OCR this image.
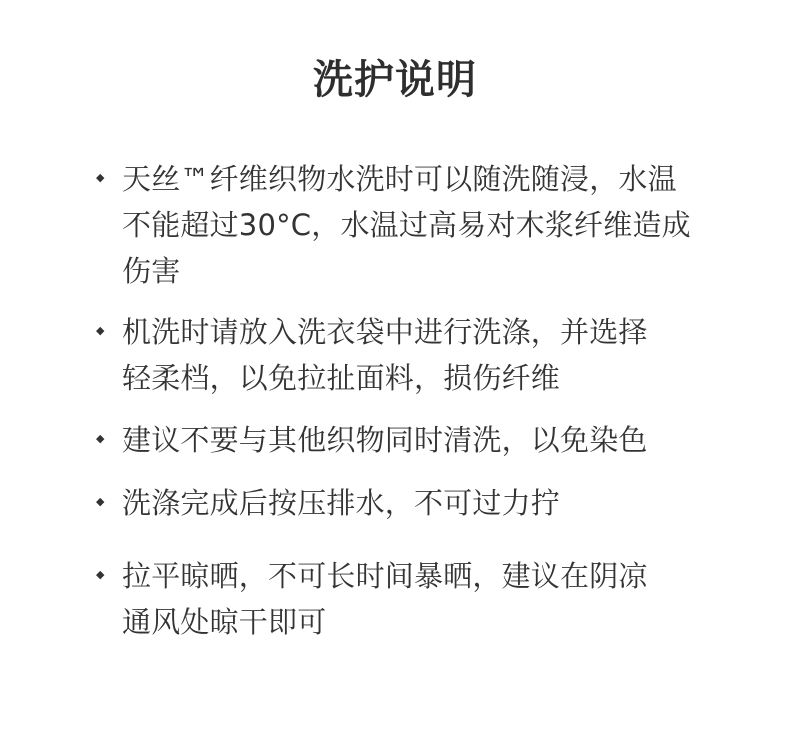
洗护说明
◆ 天丝™纤维织物水洗时可以随洗随浸，水温
不能超过30°C，水温过高易对木浆纤维造成
伤害
◆ 机洗时请放入洗衣袋中进行洗涤，并选择
轻柔档，以免拉扯面料，损伤纤维
◆ 建议不要与其他织物同时清洗，以免染色
◆ 洗涤完成后按压排水，不可过力拧
◆ 拉平晾晒，不可长时间暴晒，建议在阴凉
通风处晾干即可
